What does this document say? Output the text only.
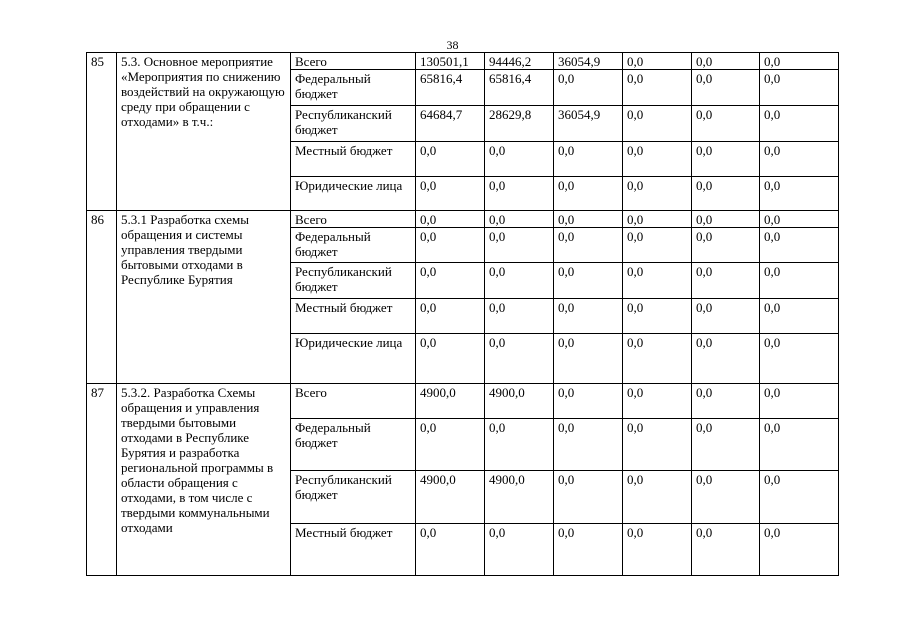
38
85	5.3. Основное мероприятие «Мероприятия по снижению воздействий на окружающую среду при обращении с отходами» в т.ч.:	Всего	130501,1	94446,2	36054,9	0,0	0,0	0,0
		Федеральный бюджет	65816,4	65816,4	0,0	0,0	0,0	0,0
		Республиканский бюджет	64684,7	28629,8	36054,9	0,0	0,0	0,0
		Местный бюджет	0,0	0,0	0,0	0,0	0,0	0,0
		Юридические лица	0,0	0,0	0,0	0,0	0,0	0,0
86	5.3.1 Разработка схемы обращения и системы управления твердыми бытовыми отходами в Республике Бурятия	Всего	0,0	0,0	0,0	0,0	0,0	0,0
		Федеральный бюджет	0,0	0,0	0,0	0,0	0,0	0,0
		Республиканский бюджет	0,0	0,0	0,0	0,0	0,0	0,0
		Местный бюджет	0,0	0,0	0,0	0,0	0,0	0,0
		Юридические лица	0,0	0,0	0,0	0,0	0,0	0,0
87	5.3.2. Разработка Схемы обращения и управления твердыми бытовыми отходами в Республике Бурятия и разработка региональной программы в области обращения с отходами, в том числе с твердыми коммунальными отходами	Всего	4900,0	4900,0	0,0	0,0	0,0	0,0
		Федеральный бюджет	0,0	0,0	0,0	0,0	0,0	0,0
		Республиканский бюджет	4900,0	4900,0	0,0	0,0	0,0	0,0
		Местный бюджет	0,0	0,0	0,0	0,0	0,0	0,0
